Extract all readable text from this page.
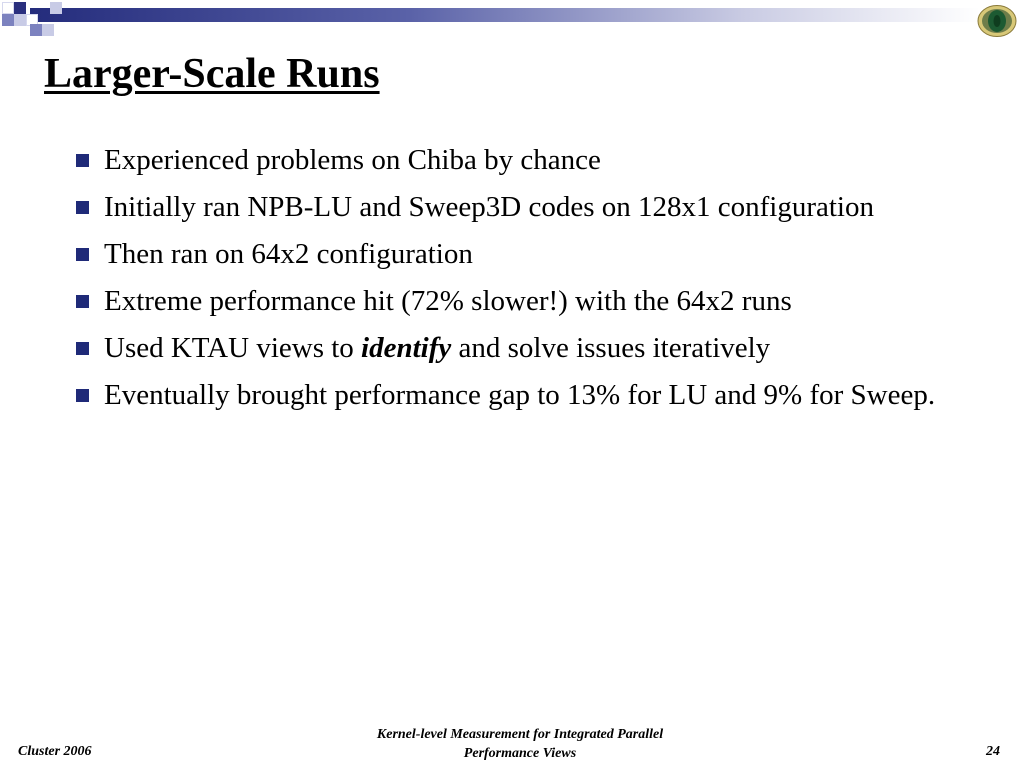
Larger-Scale Runs
Experienced problems on Chiba by chance
Initially ran NPB-LU and Sweep3D codes on 128x1 configuration
Then ran on 64x2 configuration
Extreme performance hit (72% slower!) with the 64x2 runs
Used KTAU views to identify and solve issues iteratively
Eventually brought performance gap to 13% for LU and 9% for Sweep.
Cluster 2006
Kernel-level Measurement for Integrated Parallel
Performance Views	24
